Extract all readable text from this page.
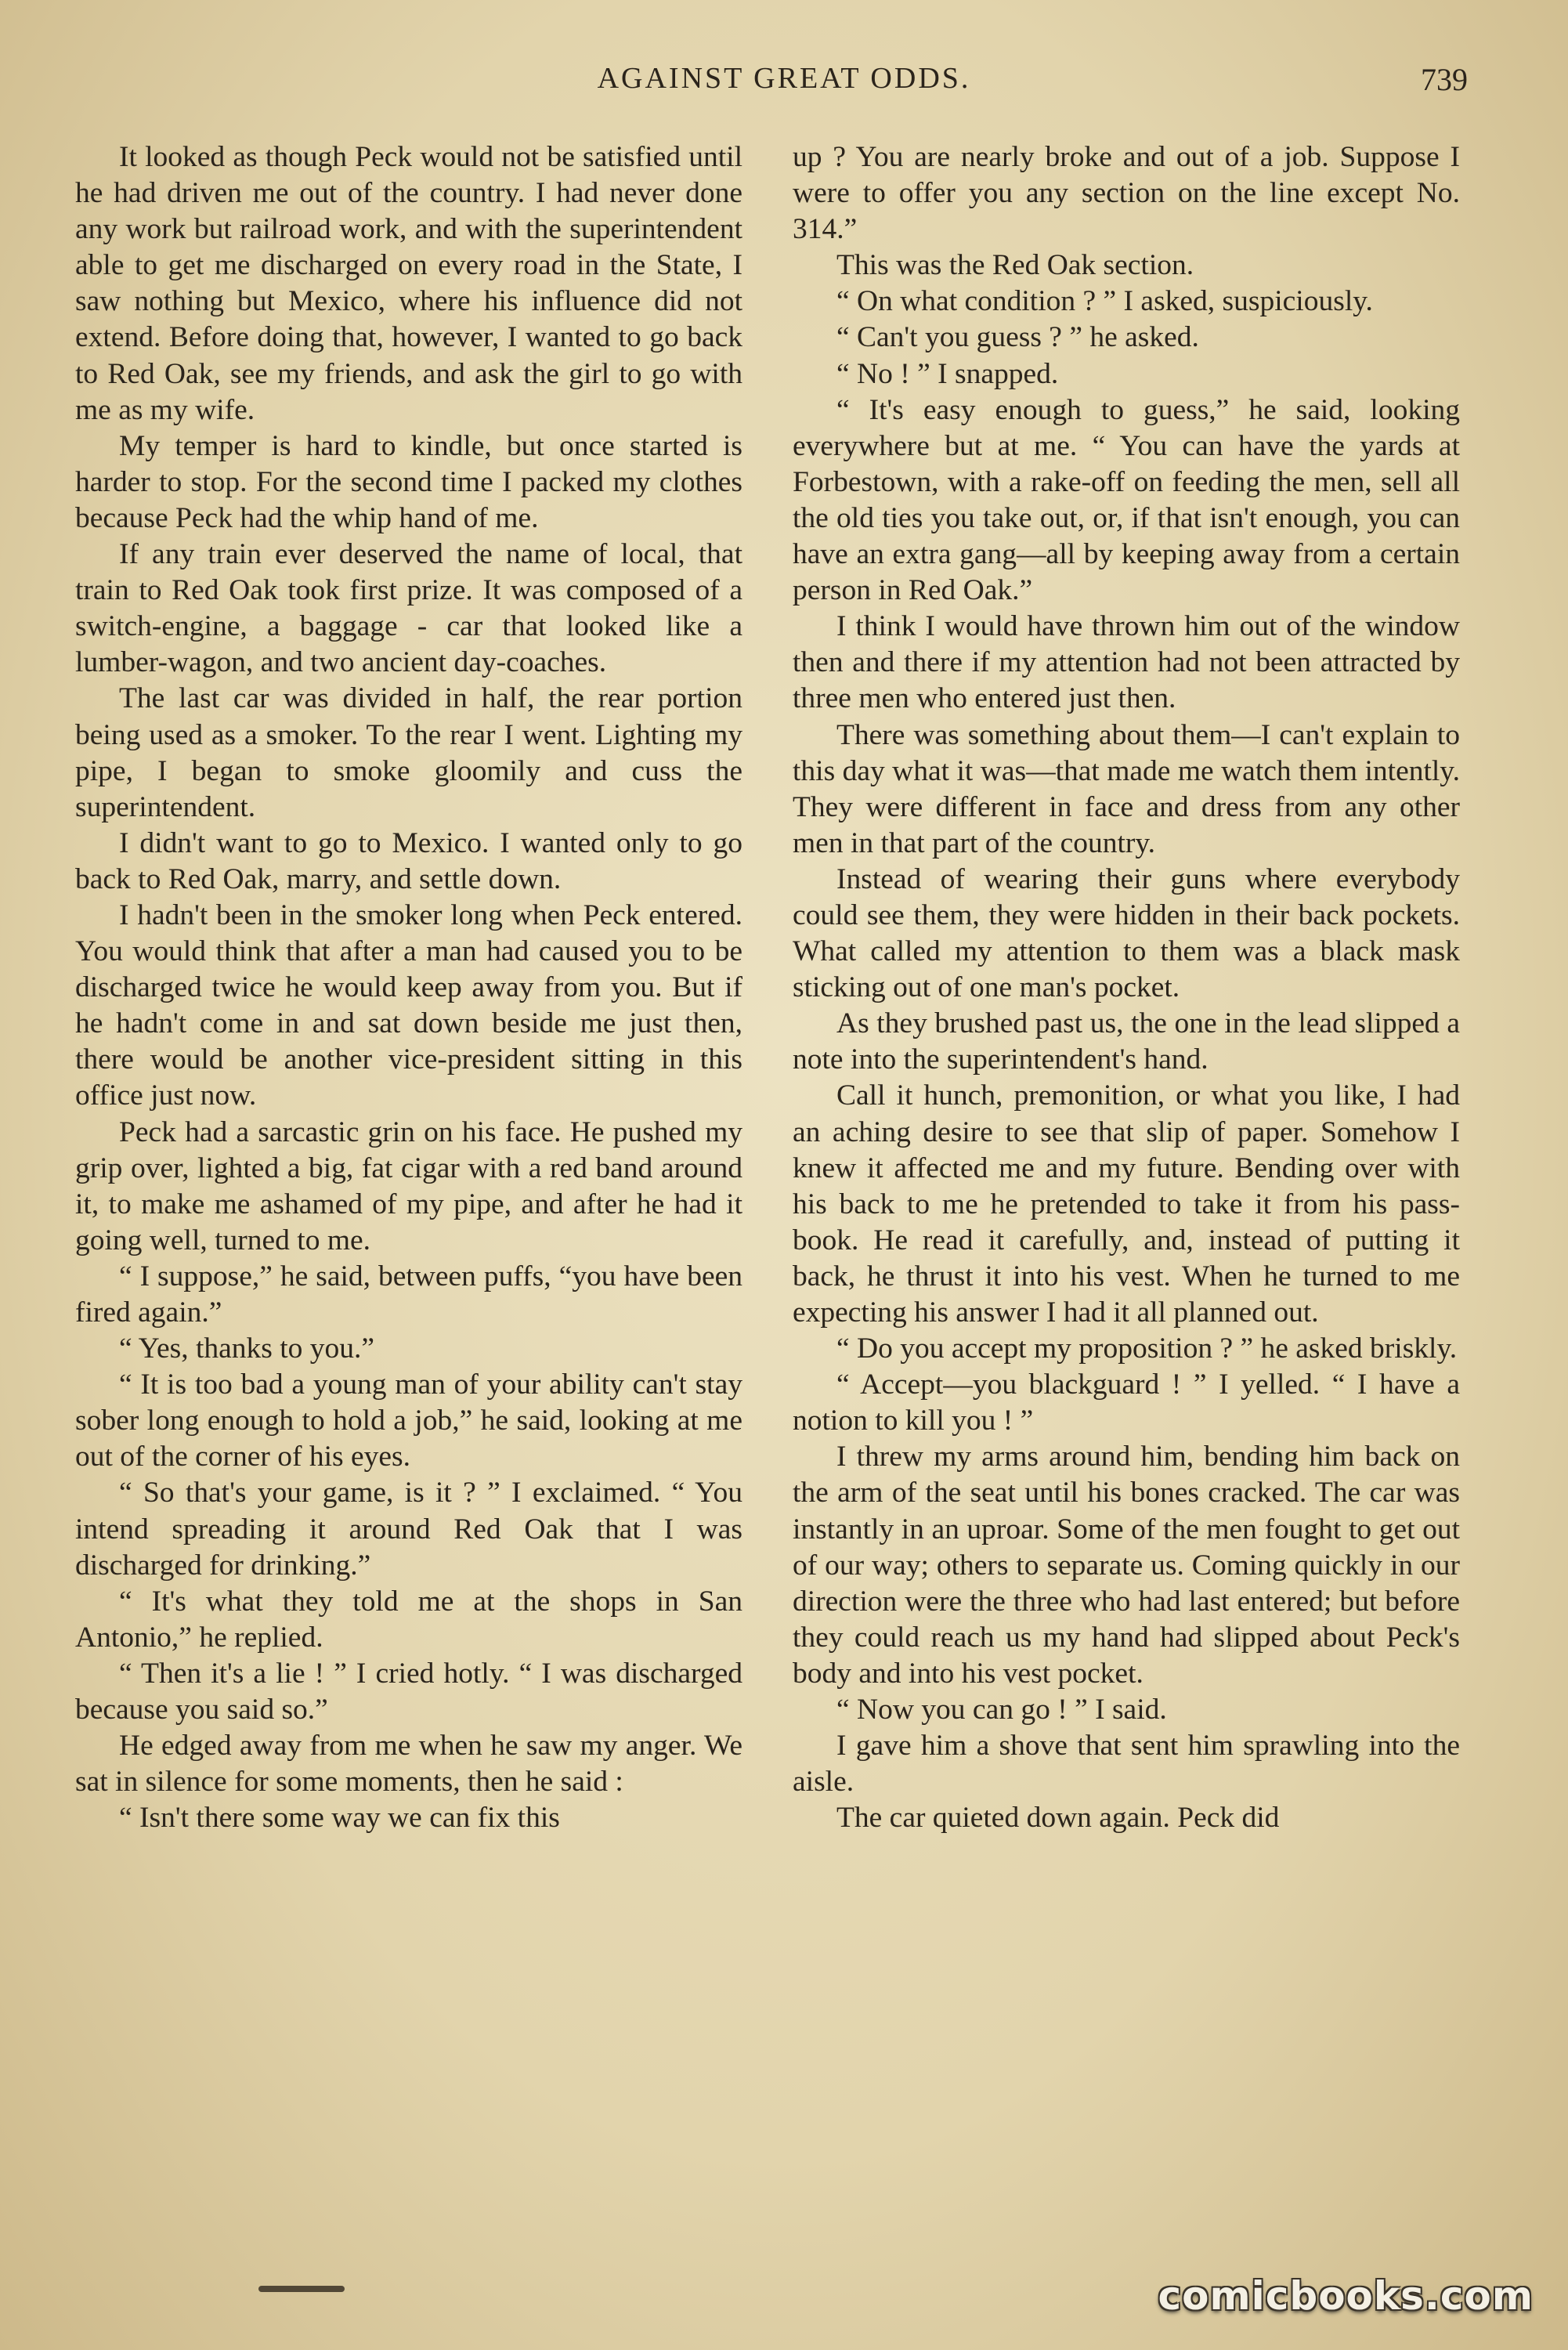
AGAINST GREAT ODDS.	739

It looked as though Peck would not be satisfied until he had driven me out of the country. I had never done any work but railroad work, and with the superintendent able to get me discharged on every road in the State, I saw nothing but Mexico, where his influence did not extend. Before doing that, however, I wanted to go back to Red Oak, see my friends, and ask the girl to go with me as my wife.

My temper is hard to kindle, but once started is harder to stop. For the second time I packed my clothes because Peck had the whip hand of me.

If any train ever deserved the name of local, that train to Red Oak took first prize. It was composed of a switch-engine, a baggage - car that looked like a lumber-wagon, and two ancient day-coaches.

The last car was divided in half, the rear portion being used as a smoker. To the rear I went. Lighting my pipe, I began to smoke gloomily and cuss the superintendent.

I didn't want to go to Mexico. I wanted only to go back to Red Oak, marry, and settle down.

I hadn't been in the smoker long when Peck entered. You would think that after a man had caused you to be discharged twice he would keep away from you. But if he hadn't come in and sat down beside me just then, there would be another vice-president sitting in this office just now.

Peck had a sarcastic grin on his face. He pushed my grip over, lighted a big, fat cigar with a red band around it, to make me ashamed of my pipe, and after he had it going well, turned to me.

“ I suppose,” he said, between puffs, “you have been fired again.”

“ Yes, thanks to you.”

“ It is too bad a young man of your ability can't stay sober long enough to hold a job,” he said, looking at me out of the corner of his eyes.

“ So that's your game, is it ? ” I exclaimed. “ You intend spreading it around Red Oak that I was discharged for drinking.”

“ It's what they told me at the shops in San Antonio,” he replied.

“ Then it's a lie ! ” I cried hotly. “ I was discharged because you said so.”

He edged away from me when he saw my anger. We sat in silence for some moments, then he said :

“ Isn't there some way we can fix this

up ? You are nearly broke and out of a job. Suppose I were to offer you any section on the line except No. 314.”

This was the Red Oak section.

“ On what condition ? ” I asked, suspiciously.

“ Can't you guess ? ” he asked.

“ No ! ” I snapped.

“ It's easy enough to guess,” he said, looking everywhere but at me. “ You can have the yards at Forbestown, with a rake-off on feeding the men, sell all the old ties you take out, or, if that isn't enough, you can have an extra gang—all by keeping away from a certain person in Red Oak.”

I think I would have thrown him out of the window then and there if my attention had not been attracted by three men who entered just then.

There was something about them—I can't explain to this day what it was—that made me watch them intently. They were different in face and dress from any other men in that part of the country.

Instead of wearing their guns where everybody could see them, they were hidden in their back pockets. What called my attention to them was a black mask sticking out of one man's pocket.

As they brushed past us, the one in the lead slipped a note into the superintendent's hand.

Call it hunch, premonition, or what you like, I had an aching desire to see that slip of paper. Somehow I knew it affected me and my future. Bending over with his back to me he pretended to take it from his pass-book. He read it carefully, and, instead of putting it back, he thrust it into his vest. When he turned to me expecting his answer I had it all planned out.

“ Do you accept my proposition ? ” he asked briskly.

“ Accept—you blackguard ! ” I yelled. “ I have a notion to kill you ! ”

I threw my arms around him, bending him back on the arm of the seat until his bones cracked. The car was instantly in an uproar. Some of the men fought to get out of our way; others to separate us. Coming quickly in our direction were the three who had last entered; but before they could reach us my hand had slipped about Peck's body and into his vest pocket.

“ Now you can go ! ” I said.

I gave him a shove that sent him sprawling into the aisle.

The car quieted down again. Peck did

comicbooks.com
